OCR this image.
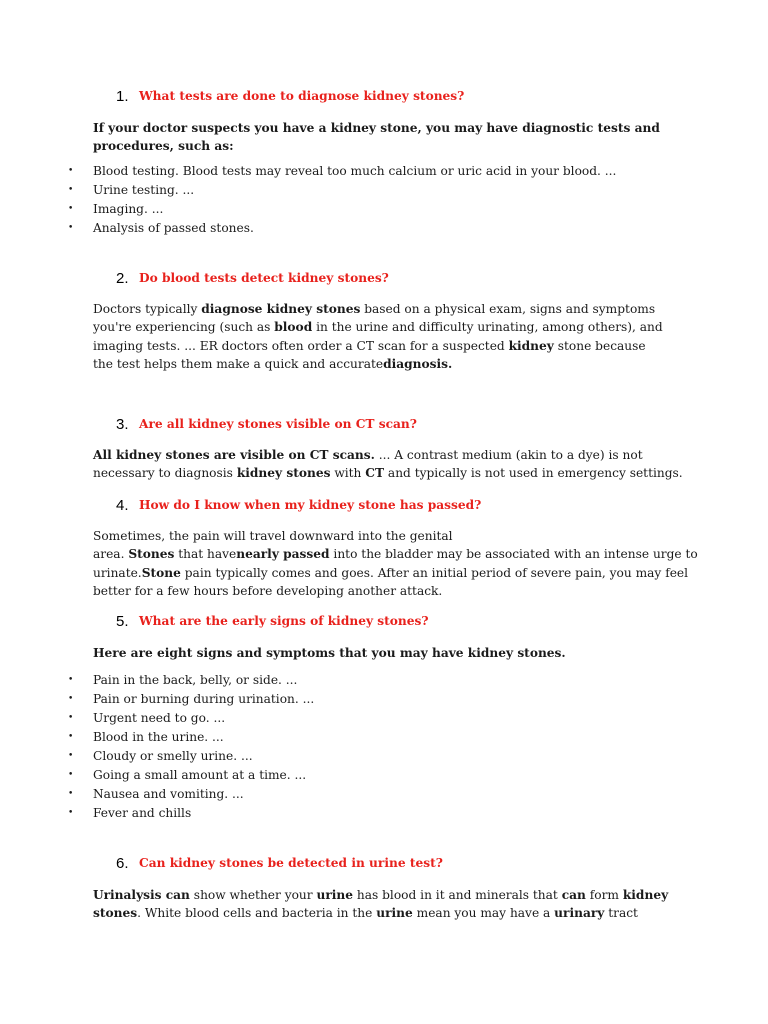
1. What tests are done to diagnose kidney stones?
If your doctor suspects you have a kidney stone, you may have diagnostic tests and
procedures, such as:
•	Blood testing. Blood tests may reveal too much calcium or uric acid in your blood. ...
•	Urine testing. ...
•	Imaging. ...
•	Analysis of passed stones.
2. Do blood tests detect kidney stones?
Doctors typically diagnose kidney stones based on a physical exam, signs and symptoms
you're experiencing (such as blood in the urine and difficulty urinating, among others), and
imaging tests. ... ER doctors often order a CT scan for a suspected kidney stone because
the test helps them make a quick and accuratediagnosis.
3. Are all kidney stones visible on CT scan?
All kidney stones are visible on CT scans. ... A contrast medium (akin to a dye) is not
necessary to diagnosis kidney stones with CT and typically is not used in emergency settings.
4. How do I know when my kidney stone has passed?
Sometimes, the pain will travel downward into the genital
area. Stones that havenearly passed into the bladder may be associated with an intense urge to
urinate.Stone pain typically comes and goes. After an initial period of severe pain, you may feel
better for a few hours before developing another attack.
5. What are the early signs of kidney stones?
Here are eight signs and symptoms that you may have kidney stones.
•	Pain in the back, belly, or side. ...
•	Pain or burning during urination. ...
•	Urgent need to go. ...
•	Blood in the urine. ...
•	Cloudy or smelly urine. ...
•	Going a small amount at a time. ...
•	Nausea and vomiting. ...
•	Fever and chills
6. Can kidney stones be detected in urine test?
Urinalysis can show whether your urine has blood in it and minerals that can form kidney
stones. White blood cells and bacteria in the urine mean you may have a urinary tract
